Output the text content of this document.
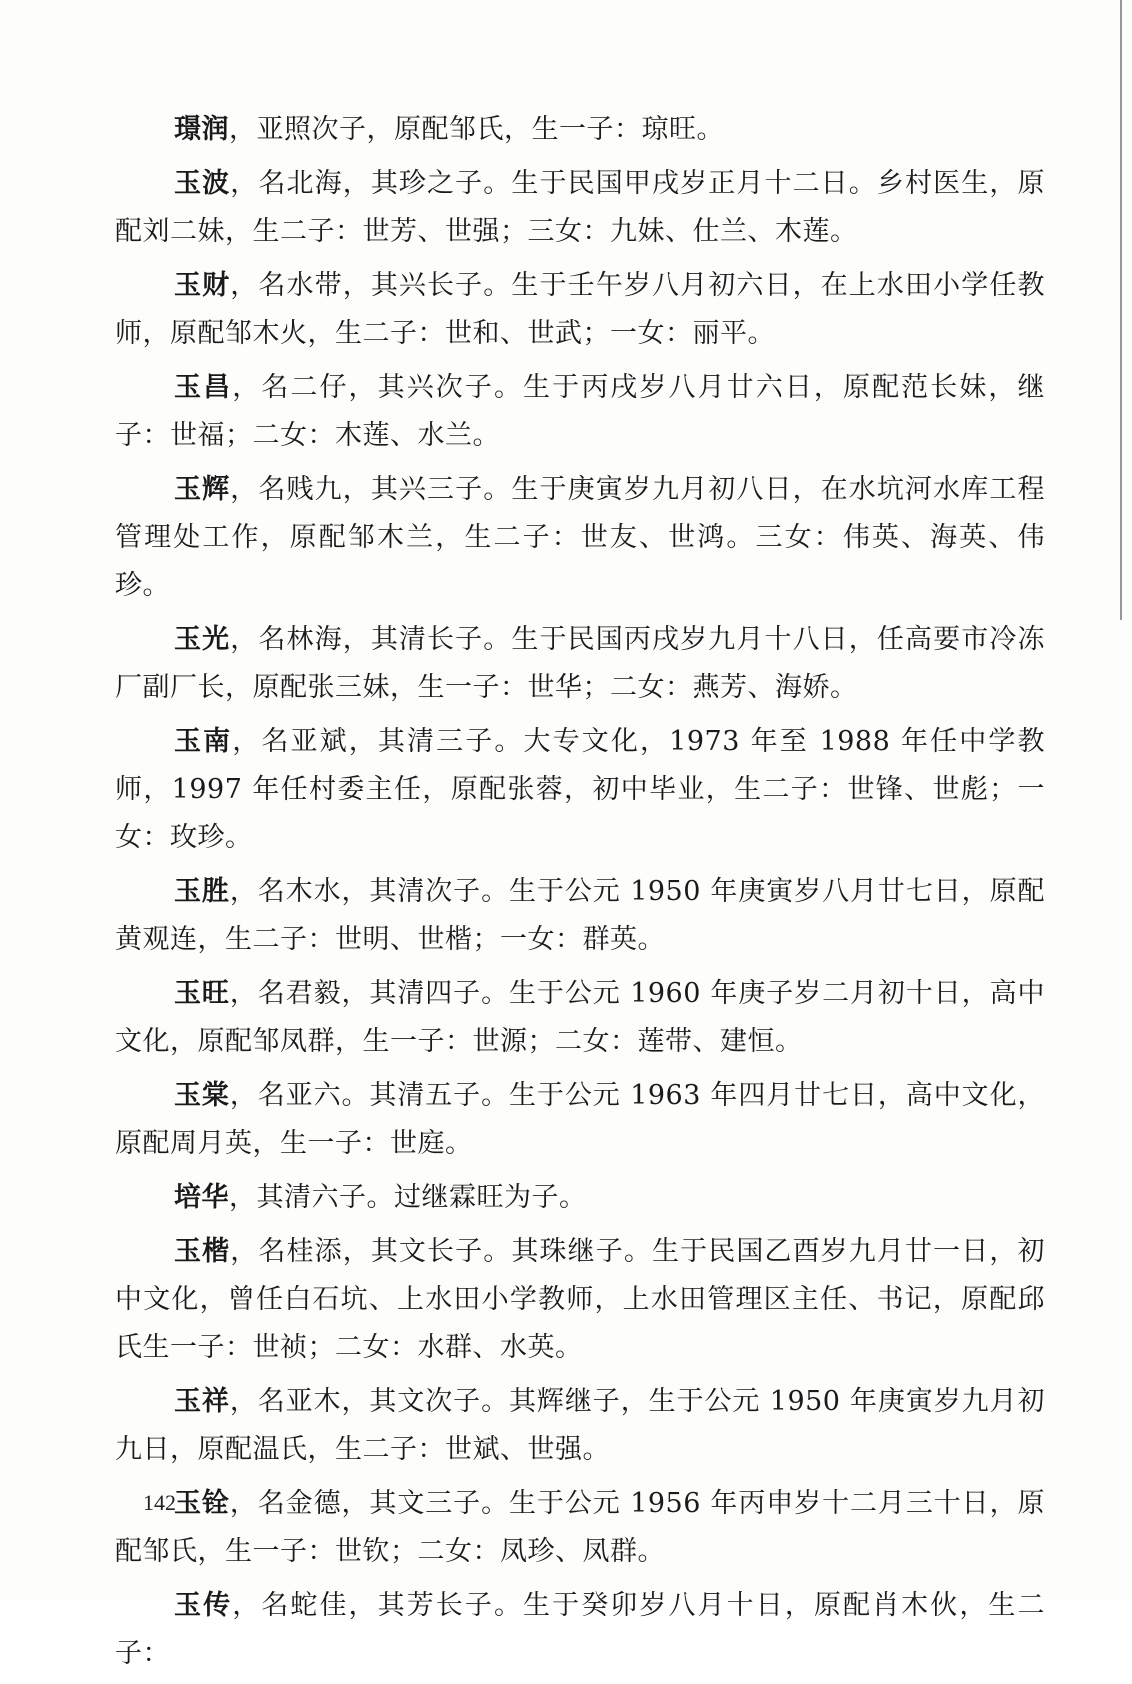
璟润，亚照次子，原配邹氏，生一子：琼旺。

玉波，名北海，其珍之子。生于民国甲戌岁正月十二日。乡村医生，原配刘二妹，生二子：世芳、世强；三女：九妹、仕兰、木莲。

玉财，名水带，其兴长子。生于壬午岁八月初六日，在上水田小学任教师，原配邹木火，生二子：世和、世武；一女：丽平。

玉昌，名二仔，其兴次子。生于丙戌岁八月廿六日，原配范长妹，继子：世福；二女：木莲、水兰。

玉辉，名贱九，其兴三子。生于庚寅岁九月初八日，在水坑河水库工程管理处工作，原配邹木兰，生二子：世友、世鸿。三女：伟英、海英、伟珍。

玉光，名林海，其清长子。生于民国丙戌岁九月十八日，任高要市冷冻厂副厂长，原配张三妹，生一子：世华；二女：燕芳、海娇。

玉南，名亚斌，其清三子。大专文化，1973 年至 1988 年任中学教师，1997 年任村委主任，原配张蓉，初中毕业，生二子：世锋、世彪；一女：玫珍。

玉胜，名木水，其清次子。生于公元 1950 年庚寅岁八月廿七日，原配黄观连，生二子：世明、世楷；一女：群英。

玉旺，名君毅，其清四子。生于公元 1960 年庚子岁二月初十日，高中文化，原配邹凤群，生一子：世源；二女：莲带、建恒。

玉棠，名亚六。其清五子。生于公元 1963 年四月廿七日，高中文化，原配周月英，生一子：世庭。

培华，其清六子。过继霖旺为子。

玉楷，名桂添，其文长子。其珠继子。生于民国乙酉岁九月廿一日，初中文化，曾任白石坑、上水田小学教师，上水田管理区主任、书记，原配邱氏生一子：世祯；二女：水群、水英。

玉祥，名亚木，其文次子。其辉继子，生于公元 1950 年庚寅岁九月初九日，原配温氏，生二子：世斌、世强。

玉铨，名金德，其文三子。生于公元 1956 年丙申岁十二月三十日，原配邹氏，生一子：世钦；二女：凤珍、凤群。

玉传，名蛇佳，其芳长子。生于癸卯岁八月十日，原配肖木伙，生二子：

142
